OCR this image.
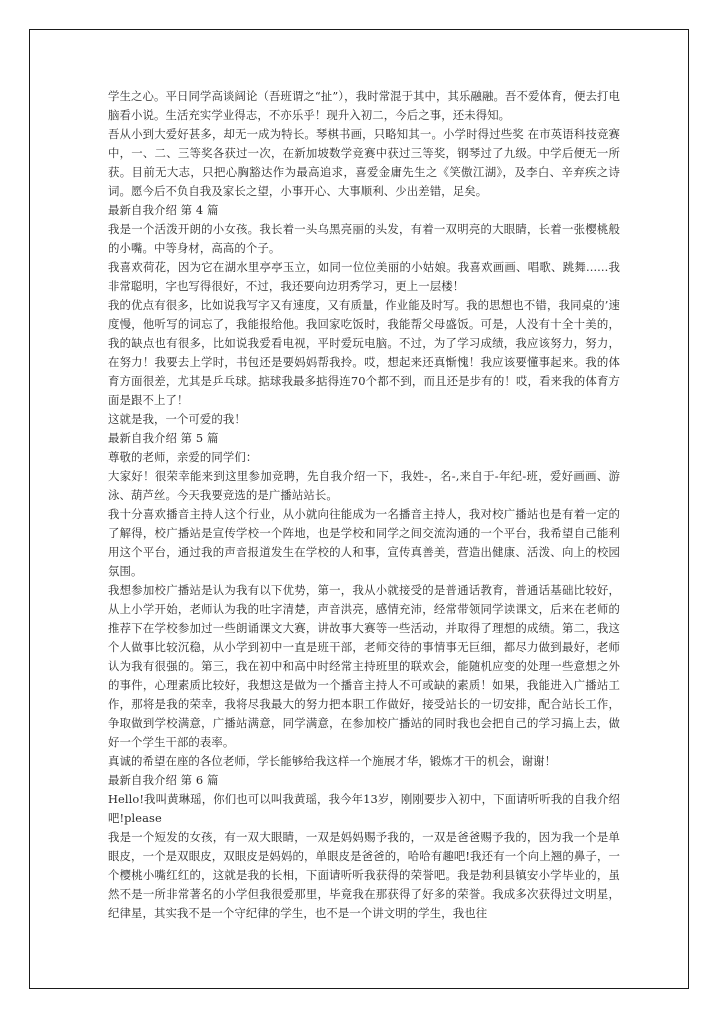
学生之心。平日同学高谈阔论（吾班谓之“扯”），我时常混于其中，其乐融融。吾不爱体育，便去打电脑看小说。生活充实学业得志，不亦乐乎！现升入初二，今后之事，还未得知。

吾从小到大爱好甚多，却无一成为特长。琴棋书画，只略知其一。小学时得过些奖 在市英语科技竞赛中，一、二、三等奖各获过一次，在新加坡数学竞赛中获过三等奖，钢琴过了九级。中学后便无一所获。目前无大志，只把心胸豁达作为最高追求，喜爱金庸先生之《笑傲江湖》，及李白、辛弃疾之诗词。愿今后不负自我及家长之望，小事开心、大事顺利、少出差错，足矣。

最新自我介绍 第 4 篇

我是一个活泼开朗的小女孩。我长着一头乌黑亮丽的头发，有着一双明亮的大眼睛，长着一张樱桃般的小嘴。中等身材，高高的个子。

我喜欢荷花，因为它在湖水里亭亭玉立，如同一位位美丽的小姑娘。我喜欢画画、唱歌、跳舞......我非常聪明，字也写得很好，不过，我还要向边玥秀学习，更上一层楼！

我的优点有很多，比如说我写字又有速度，又有质量，作业能及时写。我的思想也不错，我同桌的’速度慢，他听写的词忘了，我能报给他。我回家吃饭时，我能帮父母盛饭。可是，人没有十全十美的，我的缺点也有很多，比如说我爱看电视，平时爱玩电脑。不过，为了学习成绩，我应该努力，努力，在努力！我要去上学时，书包还是要妈妈帮我拎。哎，想起来还真惭愧！我应该要懂事起来。我的体育方面很差，尤其是乒乓球。掂球我最多掂得连70个都不到，而且还是步有的！哎，看来我的体育方面是跟不上了！

这就是我，一个可爱的我！

最新自我介绍 第 5 篇

尊敬的老师，亲爱的同学们：

大家好！很荣幸能来到这里参加竞聘，先自我介绍一下，我姓-，名-,来自于-年纪-班，爱好画画、游泳、葫芦丝。今天我要竞选的是广播站站长。

我十分喜欢播音主持人这个行业，从小就向往能成为一名播音主持人，我对校广播站也是有着一定的了解得，校广播站是宣传学校一个阵地，也是学校和同学之间交流沟通的一个平台，我希望自己能利用这个平台，通过我的声音报道发生在学校的人和事，宣传真善美，营造出健康、活泼、向上的校园氛围。

我想参加校广播站是认为我有以下优势，第一，我从小就接受的是普通话教育，普通话基础比较好，从上小学开始，老师认为我的吐字清楚，声音洪亮，感情充沛，经常带领同学读课文，后来在老师的推荐下在学校参加过一些朗诵课文大赛，讲故事大赛等一些活动，并取得了理想的成绩。第二，我这个人做事比较沉稳，从小学到初中一直是班干部，老师交待的事情事无巨细，都尽力做到最好，老师认为我有很强的。第三，我在初中和高中时经常主持班里的联欢会，能随机应变的处理一些意想之外的事件，心理素质比较好，我想这是做为一个播音主持人不可或缺的素质！如果，我能进入广播站工作，那将是我的荣幸，我将尽我最大的努力把本职工作做好，接受站长的一切安排，配合站长工作，争取做到学校满意，广播站满意，同学满意，在参加校广播站的同时我也会把自己的学习搞上去，做好一个学生干部的表率。

真诚的希望在座的各位老师，学长能够给我这样一个施展才华，锻炼才干的机会，谢谢！

最新自我介绍 第 6 篇

Hello!我叫黄琳瑶，你们也可以叫我黄瑶，我今年13岁，刚刚要步入初中，下面请听听我的自我介绍吧!please

我是一个短发的女孩，有一双大眼睛，一双是妈妈赐予我的，一双是爸爸赐予我的，因为我一个是单眼皮，一个是双眼皮，双眼皮是妈妈的，单眼皮是爸爸的，哈哈有趣吧!我还有一个向上翘的鼻子，一个樱桃小嘴红红的，这就是我的长相，下面请听听我获得的荣誉吧。我是勃利县镇安小学毕业的，虽然不是一所非常著名的小学但我很爱那里，毕竟我在那获得了好多的荣誉。我成多次获得过文明星，纪律星，其实我不是一个守纪律的学生，也不是一个讲文明的学生，我也往
